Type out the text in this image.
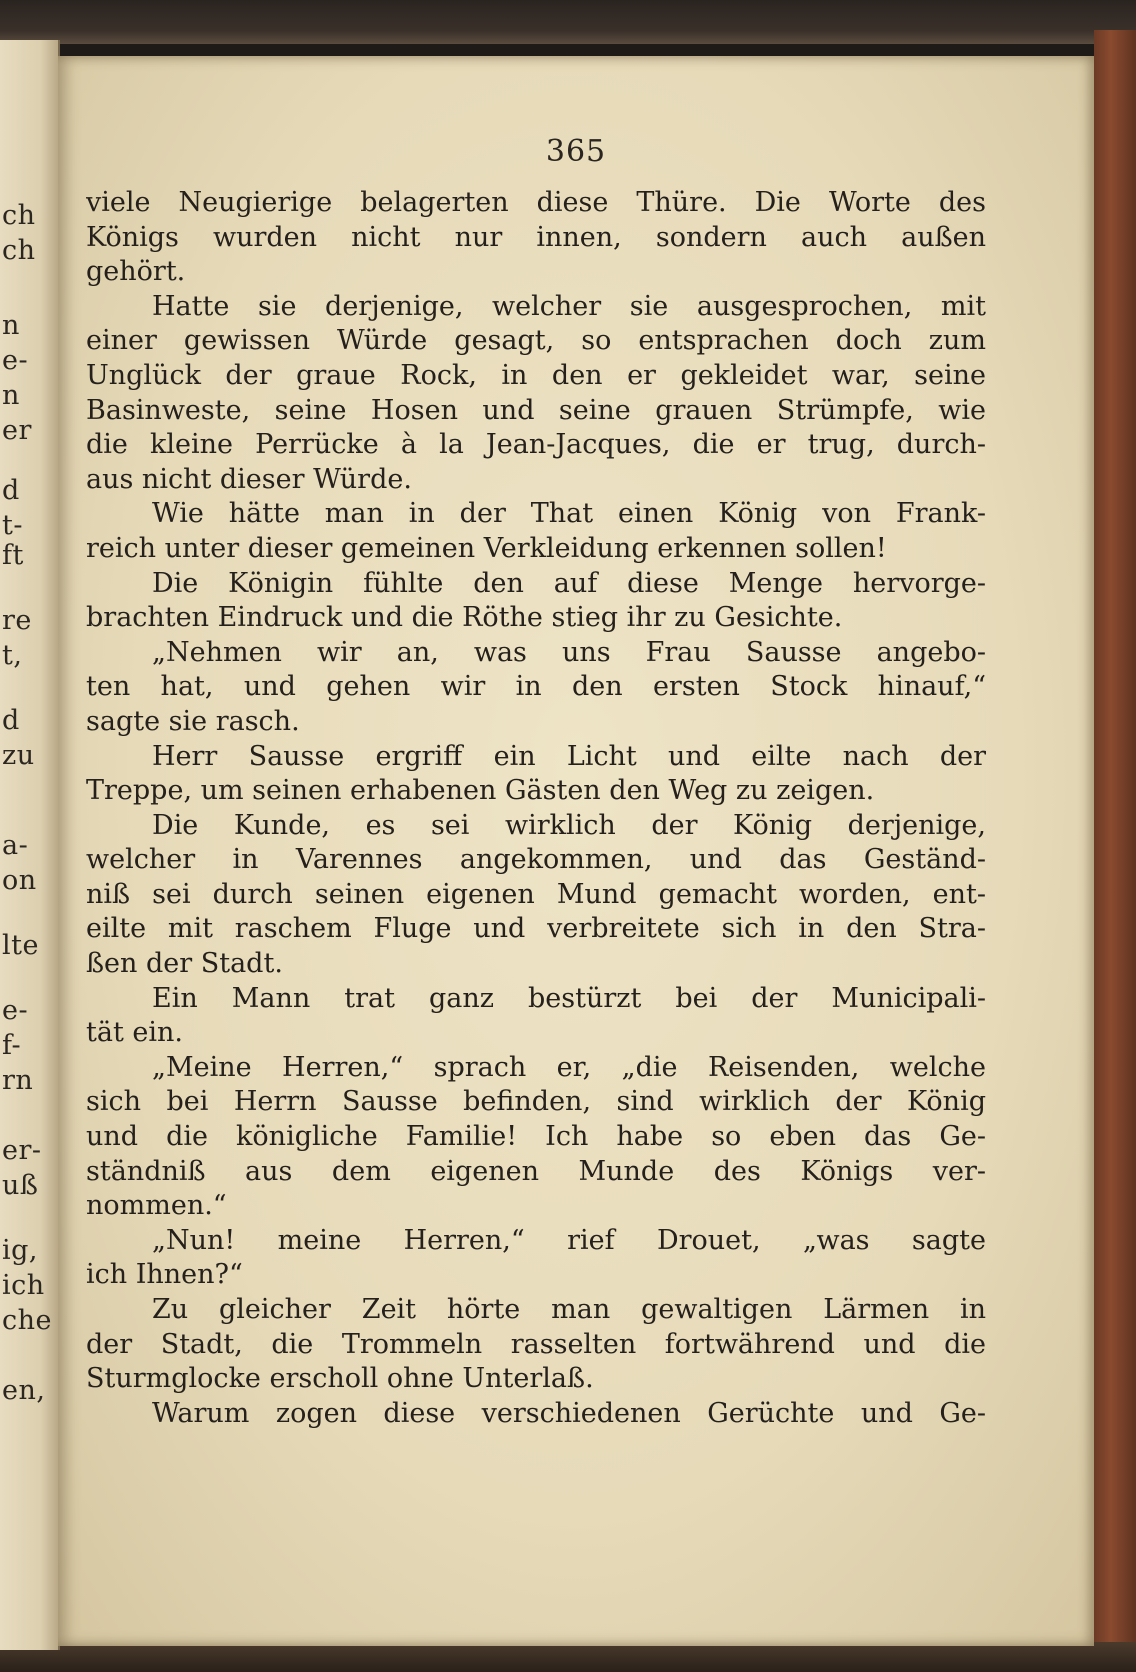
ch
ch
n
e-
n
er
d
t-
ft
re
t,
d
zu
a-
on
lte
e-
f-
rn
er-
uß
ig,
ich
che
en,
365
viele Neugierige belagerten diese Thüre. Die Worte des
Königs wurden nicht nur innen, sondern auch außen
gehört.
Hatte sie derjenige, welcher sie ausgesprochen, mit
einer gewissen Würde gesagt, so entsprachen doch zum
Unglück der graue Rock, in den er gekleidet war, seine
Basinweste, seine Hosen und seine grauen Strümpfe, wie
die kleine Perrücke à la Jean-Jacques, die er trug, durch-
aus nicht dieser Würde.
Wie hätte man in der That einen König von Frank-
reich unter dieser gemeinen Verkleidung erkennen sollen!
Die Königin fühlte den auf diese Menge hervorge-
brachten Eindruck und die Röthe stieg ihr zu Gesichte.
„Nehmen wir an, was uns Frau Sausse angebo-
ten hat, und gehen wir in den ersten Stock hinauf,“
sagte sie rasch.
Herr Sausse ergriff ein Licht und eilte nach der
Treppe, um seinen erhabenen Gästen den Weg zu zeigen.
Die Kunde, es sei wirklich der König derjenige,
welcher in Varennes angekommen, und das Geständ-
niß sei durch seinen eigenen Mund gemacht worden, ent-
eilte mit raschem Fluge und verbreitete sich in den Stra-
ßen der Stadt.
Ein Mann trat ganz bestürzt bei der Municipali-
tät ein.
„Meine Herren,“ sprach er, „die Reisenden, welche
sich bei Herrn Sausse befinden, sind wirklich der König
und die königliche Familie! Ich habe so eben das Ge-
ständniß aus dem eigenen Munde des Königs ver-
nommen.“
„Nun! meine Herren,“ rief Drouet, „was sagte
ich Ihnen?“
Zu gleicher Zeit hörte man gewaltigen Lärmen in
der Stadt, die Trommeln rasselten fortwährend und die
Sturmglocke erscholl ohne Unterlaß.
Warum zogen diese verschiedenen Gerüchte und Ge-
